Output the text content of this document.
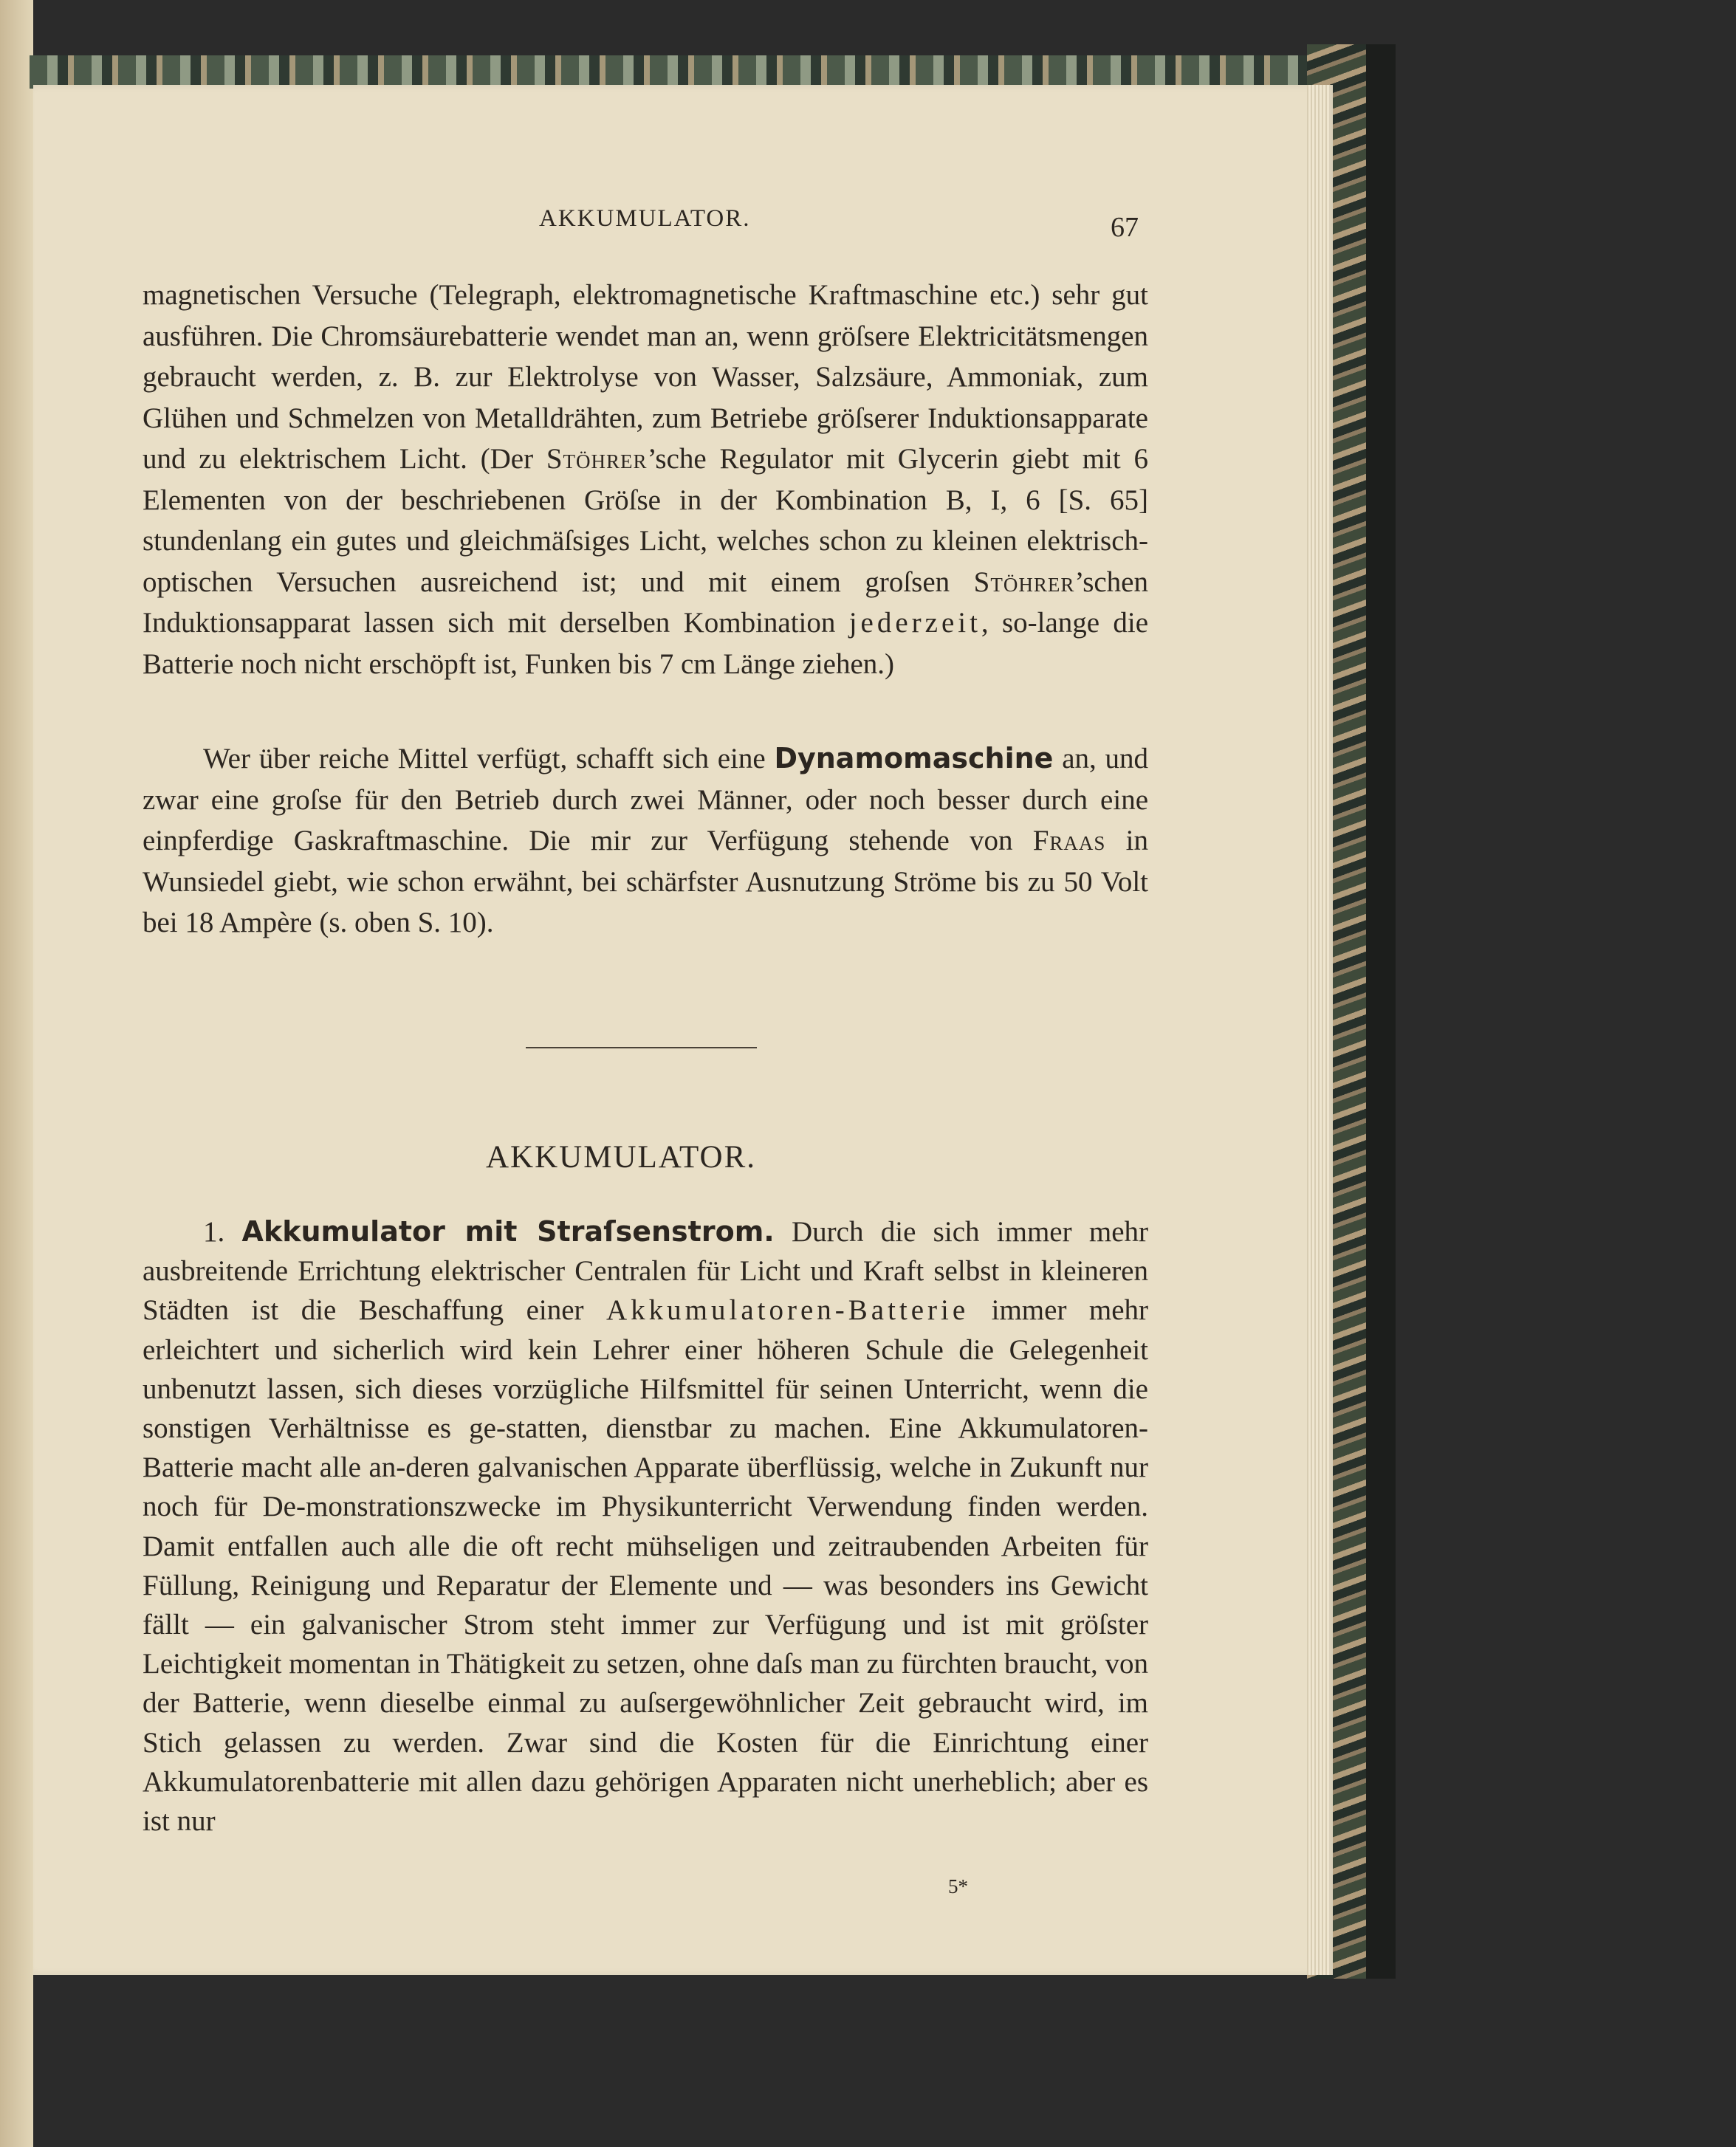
AKKUMULATOR.	67
magnetischen Versuche (Telegraph, elektromagnetische Kraftmaschine etc.) sehr gut ausführen. Die Chromsäurebatterie wendet man an, wenn gröſsere Elektricitätsmengen gebraucht werden, z. B. zur Elektrolyse von Wasser, Salzsäure, Ammoniak, zum Glühen und Schmelzen von Metalldrähten, zum Betriebe gröſserer Induktionsapparate und zu elektrischem Licht. (Der Stöhrer’sche Regulator mit Glycerin giebt mit 6 Elementen von der beschriebenen Gröſse in der Kombination B, I, 6 [S. 65] stundenlang ein gutes und gleichmäſsiges Licht, welches schon zu kleinen elektrisch-optischen Versuchen ausreichend ist; und mit einem groſsen Stöhrer’schen Induktionsapparat lassen sich mit derselben Kombination jederzeit, so-lange die Batterie noch nicht erschöpft ist, Funken bis 7 cm Länge ziehen.)
Wer über reiche Mittel verfügt, schafft sich eine Dynamomaschine an, und zwar eine groſse für den Betrieb durch zwei Männer, oder noch besser durch eine einpferdige Gaskraftmaschine. Die mir zur Verfügung stehende von Fraas in Wunsiedel giebt, wie schon erwähnt, bei schärfster Ausnutzung Ströme bis zu 50 Volt bei 18 Ampère (s. oben S. 10).
AKKUMULATOR.
1. Akkumulator mit Straſsenstrom. Durch die sich immer mehr ausbreitende Errichtung elektrischer Centralen für Licht und Kraft selbst in kleineren Städten ist die Beschaffung einer Akkumulatoren-Batterie immer mehr erleichtert und sicherlich wird kein Lehrer einer höheren Schule die Gelegenheit unbenutzt lassen, sich dieses vorzügliche Hilfsmittel für seinen Unterricht, wenn die sonstigen Verhältnisse es ge-statten, dienstbar zu machen. Eine Akkumulatoren-Batterie macht alle an-deren galvanischen Apparate überflüssig, welche in Zukunft nur noch für De-monstrationszwecke im Physikunterricht Verwendung finden werden. Damit entfallen auch alle die oft recht mühseligen und zeitraubenden Arbeiten für Füllung, Reinigung und Reparatur der Elemente und — was besonders ins Gewicht fällt — ein galvanischer Strom steht immer zur Verfügung und ist mit gröſster Leichtigkeit momentan in Thätigkeit zu setzen, ohne daſs man zu fürchten braucht, von der Batterie, wenn dieselbe einmal zu auſsergewöhnlicher Zeit gebraucht wird, im Stich gelassen zu werden. Zwar sind die Kosten für die Einrichtung einer Akkumulatorenbatterie mit allen dazu gehörigen Apparaten nicht unerheblich; aber es ist nur
5*
